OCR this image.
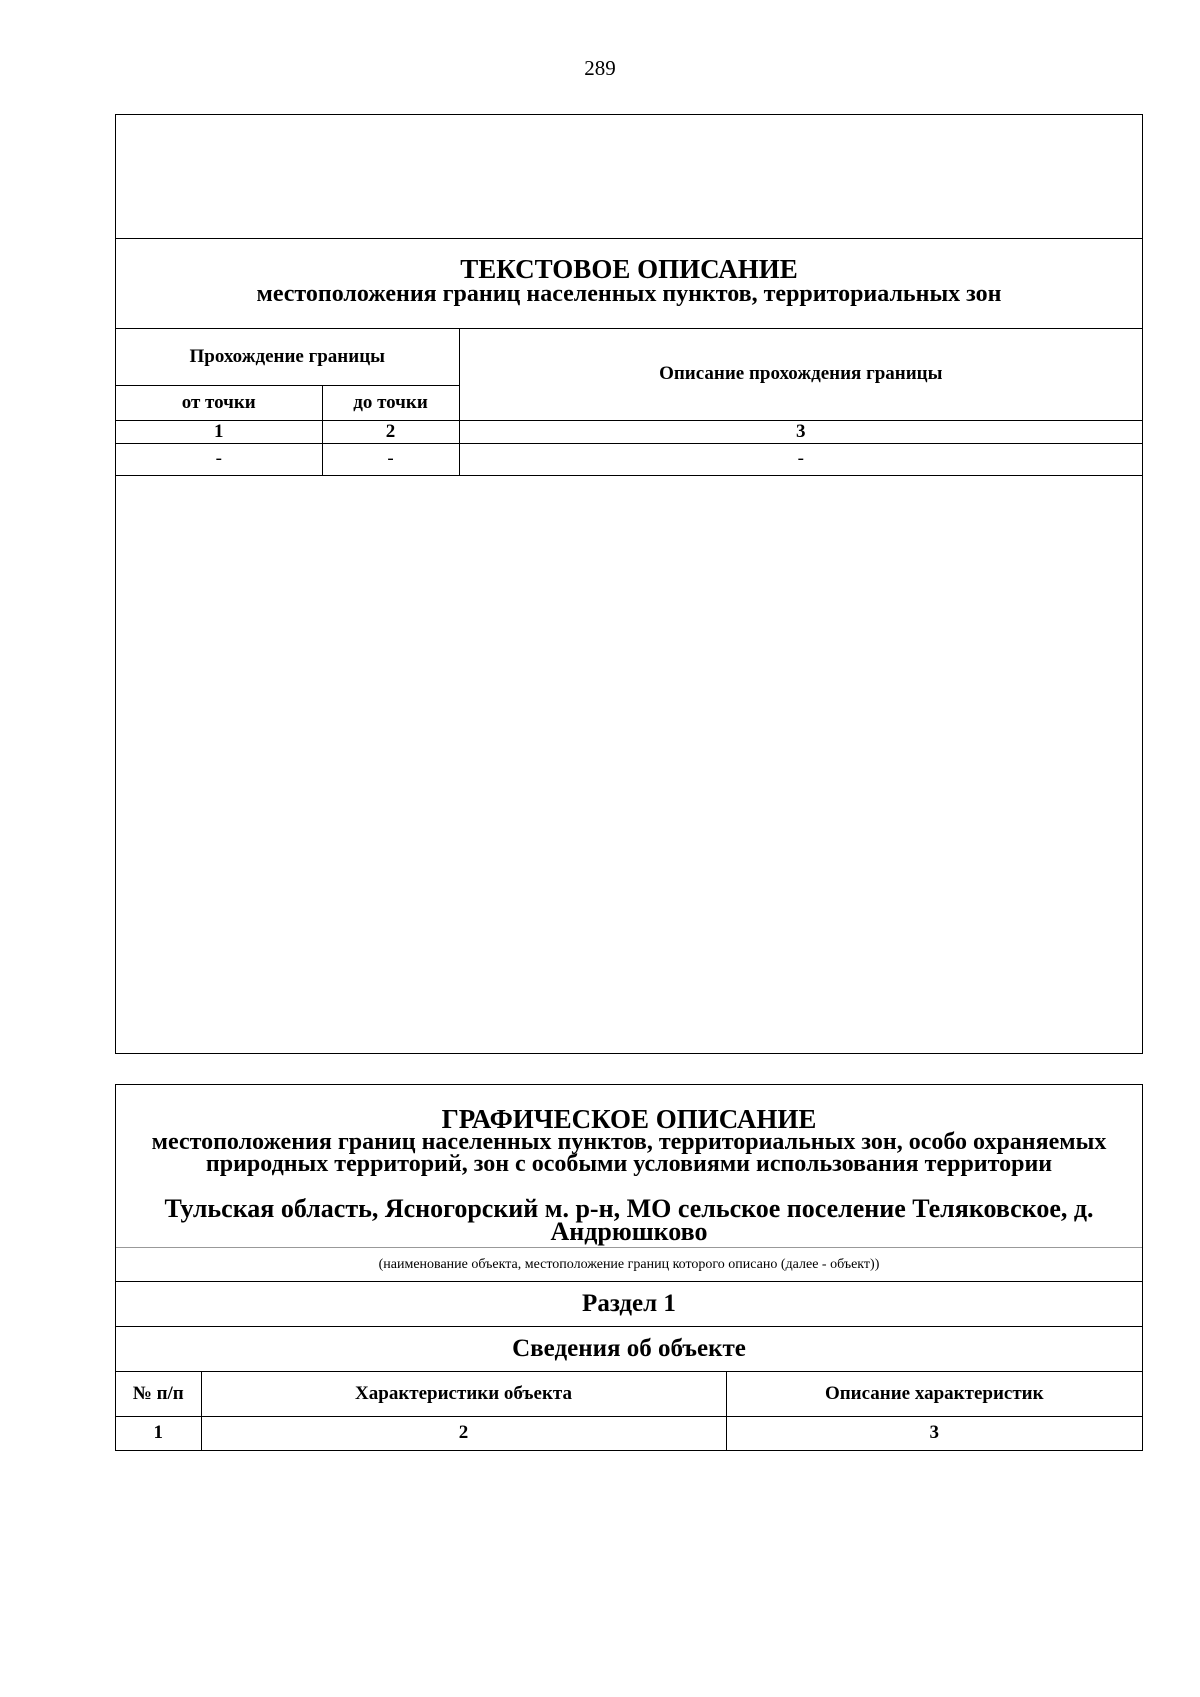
289
ТЕКСТОВОЕ ОПИСАНИЕ
местоположения границ населенных пунктов, территориальных зон
Прохождение границы		Описание прохождения границы
от точки	до точки	
1	2	3
-	-	-
ГРАФИЧЕСКОЕ ОПИСАНИЕ
местоположения границ населенных пунктов, территориальных зон, особо охраняемых природных территорий, зон с особыми условиями использования территории
Тульская область, Ясногорский м. р-н, МО сельское поселение Теляковское, д. Андрюшково
(наименование объекта, местоположение границ которого описано (далее - объект))
Раздел 1
Сведения об объекте
№ п/п	Характеристики объекта	Описание характеристик
1	2	3
